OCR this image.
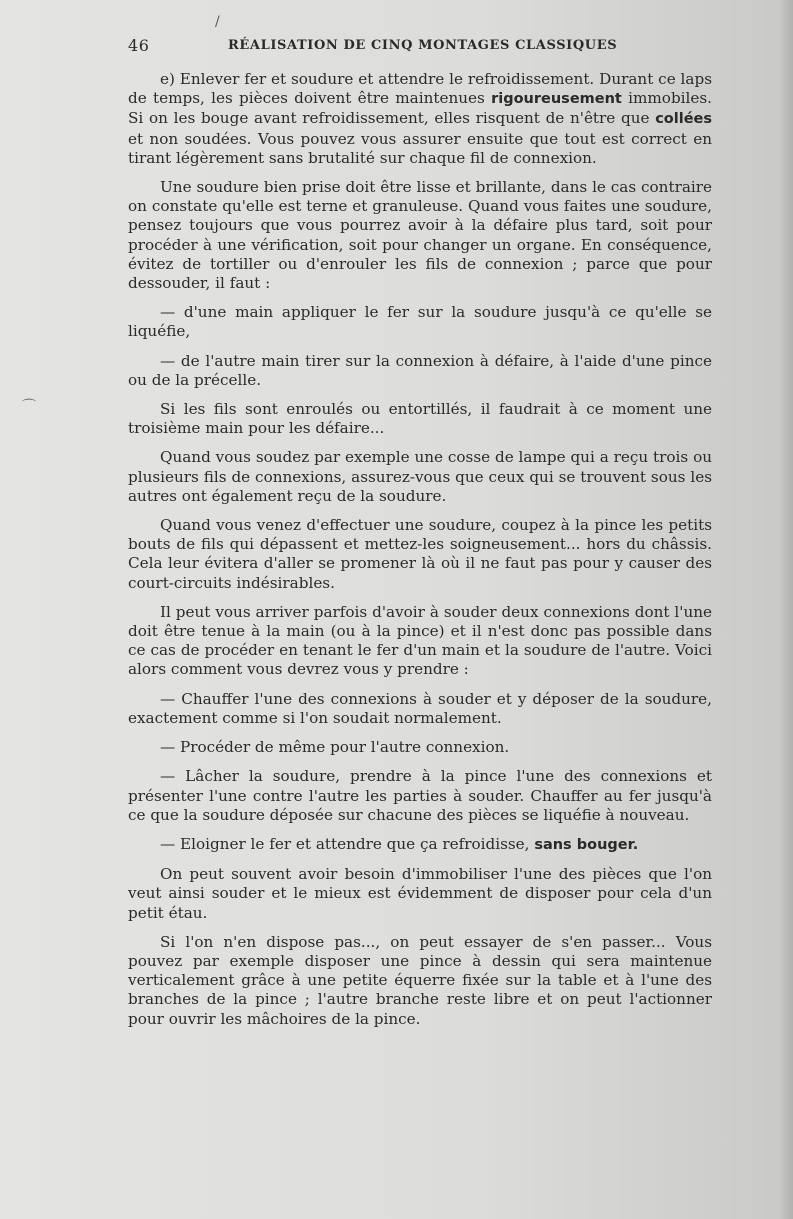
/
⌒
46	RÉALISATION DE CINQ MONTAGES CLASSIQUES

e) Enlever fer et soudure et attendre le refroidissement. Durant ce laps de temps, les pièces doivent être maintenues rigoureusement immobiles. Si on les bouge avant refroidissement, elles risquent de n'être que collées et non soudées. Vous pouvez vous assurer ensuite que tout est correct en tirant légèrement sans brutalité sur chaque fil de connexion.

Une soudure bien prise doit être lisse et brillante, dans le cas contraire on constate qu'elle est terne et granuleuse. Quand vous faites une soudure, pensez toujours que vous pourrez avoir à la défaire plus tard, soit pour procéder à une vérification, soit pour changer un organe. En conséquence, évitez de tortiller ou d'enrouler les fils de connexion ; parce que pour dessouder, il faut :

— d'une main appliquer le fer sur la soudure jusqu'à ce qu'elle se liquéfie,

— de l'autre main tirer sur la connexion à défaire, à l'aide d'une pince ou de la précelle.

Si les fils sont enroulés ou entortillés, il faudrait à ce moment une troisième main pour les défaire...

Quand vous soudez par exemple une cosse de lampe qui a reçu trois ou plusieurs fils de connexions, assurez-vous que ceux qui se trouvent sous les autres ont également reçu de la soudure.

Quand vous venez d'effectuer une soudure, coupez à la pince les petits bouts de fils qui dépassent et mettez-les soigneusement... hors du châssis. Cela leur évitera d'aller se promener là où il ne faut pas pour y causer des court-circuits indésirables.

Il peut vous arriver parfois d'avoir à souder deux connexions dont l'une doit être tenue à la main (ou à la pince) et il n'est donc pas possible dans ce cas de procéder en tenant le fer d'un main et la soudure de l'autre. Voici alors comment vous devrez vous y prendre :

— Chauffer l'une des connexions à souder et y déposer de la soudure, exactement comme si l'on soudait normalement.

— Procéder de même pour l'autre connexion.

— Lâcher la soudure, prendre à la pince l'une des connexions et présenter l'une contre l'autre les parties à souder. Chauffer au fer jusqu'à ce que la soudure déposée sur chacune des pièces se liquéfie à nouveau.

— Eloigner le fer et attendre que ça refroidisse, sans bouger.

On peut souvent avoir besoin d'immobiliser l'une des pièces que l'on veut ainsi souder et le mieux est évidemment de disposer pour cela d'un petit étau.

Si l'on n'en dispose pas..., on peut essayer de s'en passer... Vous pouvez par exemple disposer une pince à dessin qui sera maintenue verticalement grâce à une petite équerre fixée sur la table et à l'une des branches de la pince ; l'autre branche reste libre et on peut l'actionner pour ouvrir les mâchoires de la pince.
